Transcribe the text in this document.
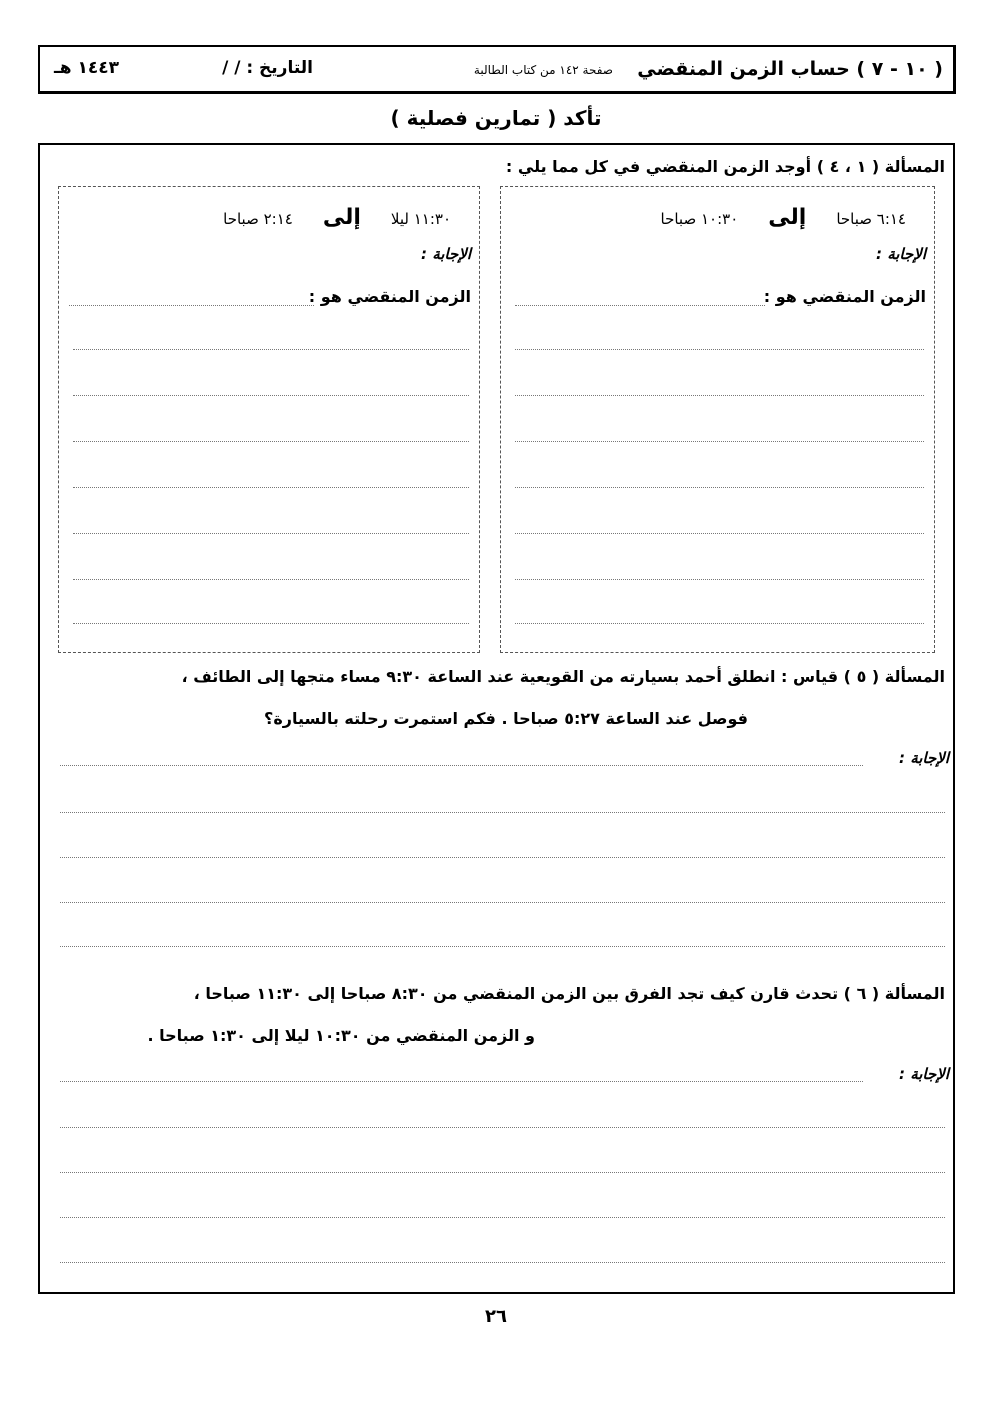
( ١٠ - ٧ ) حساب الزمن المنقضي
صفحة ١٤٢ من كتاب الطالبة
التاريخ : / /
١٤٤٣ هـ
تأكد ( تمارين فصلية )
المسألة ( ١ ، ٤ ) أوجد الزمن المنقضي في كل مما يلي :
٦:١٤ صباحاإلى١٠:٣٠ صباحا
الإجابة :
الزمن المنقضي هو :
١١:٣٠ ليلاإلى٢:١٤ صباحا
الإجابة :
الزمن المنقضي هو :
المسألة ( ٥ ) قياس : انطلق أحمد بسيارته من القويعية عند الساعة ٩:٣٠ مساء متجها إلى الطائف ،
فوصل عند الساعة ٥:٢٧ صباحا . فكم استمرت رحلته بالسيارة؟
الإجابة :
المسألة ( ٦ ) تحدث قارن كيف تجد الفرق بين الزمن المنقضي من ٨:٣٠ صباحا إلى ١١:٣٠ صباحا ،
و الزمن المنقضي من ١٠:٣٠ ليلا إلى ١:٣٠ صباحا .
الإجابة :
٢٦
